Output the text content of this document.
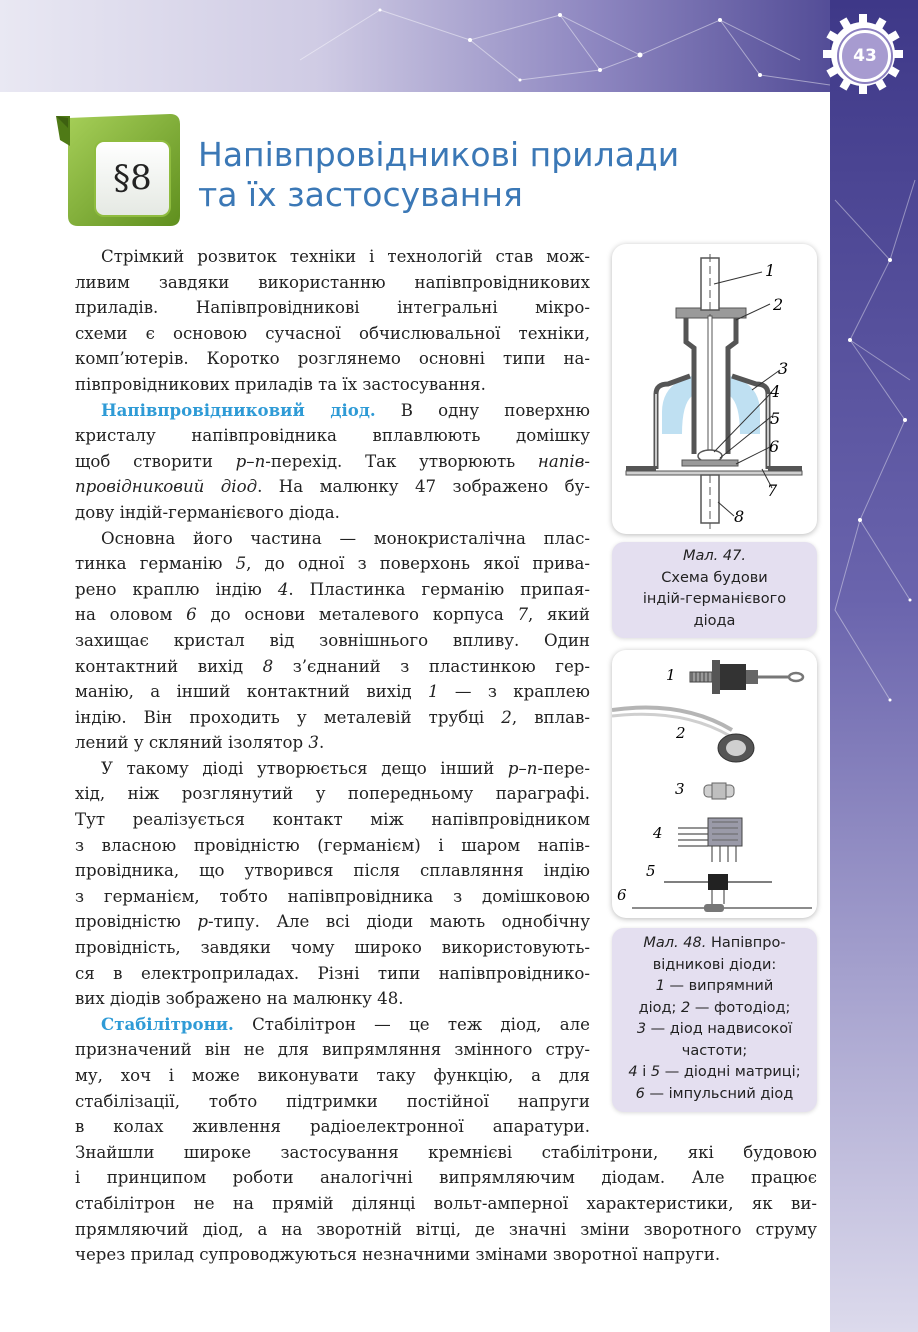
43
§8
Напівпровідникові прилади
та їх застосування

Стрімкий розвиток техніки і технологій став мож-

ливим завдяки використанню напівпровідникових

приладів. Напівпровідникові інтегральні мікро-

схеми є основою сучасної обчислювальної техніки,

комп’ютерів. Коротко розглянемо основні типи на-

півпровідникових приладів та їх застосування.

Напівпровідниковий діод. В одну поверхню

кристалу напівпровідника вплавлюють домішку

щоб створити p–n-перехід. Так утворюють напів-

провідниковий діод. На малюнку 47 зображено бу-

дову індій-германієвого діода.

Основна його частина — монокристалічна плас-

тинка германію 5, до одної з поверхонь якої прива-

рено краплю індію 4. Пластинка германію припая-

на оловом 6 до основи металевого корпуса 7, який

захищає кристал від зовнішнього впливу. Один

контактний вихід 8 з’єднаний з пластинкою гер-

манію, а інший контактний вихід 1 — з краплею

індію. Він проходить у металевій трубці 2, вплав-

лений у скляний ізолятор 3.

У такому діоді утворюється дещо інший p–n-пере-

хід, ніж розглянутий у попередньому параграфі.

Тут реалізується контакт між напівпровідником

з власною провідністю (германієм) і шаром напів-

провідника, що утворився після сплавляння індію

з германієм, тобто напівпровідника з домішковою

провідністю p-типу. Але всі діоди мають однобічну

провідність, завдяки чому широко використовують-

ся в електроприладах. Різні типи напівпровіднико-

вих діодів зображено на малюнку 48.

Стабілітрони. Стабілітрон — це теж діод, але

призначений він не для випрямляння змінного стру-

му, хоч і може виконувати таку функцію, а для

стабілізації, тобто підтримки постійної напруги

в колах живлення радіоелектронної апаратури.

Знайшли широке застосування кремнієві стабілітрони, які будовою

і принципом роботи аналогічні випрямляючим діодам. Але працює

стабілітрон не на прямій ділянці вольт-амперної характеристики, як ви-

прямляючий діод, а на зворотній вітці, де значні зміни зворотного струму

через прилад супроводжуються незначними змінами зворотної напруги.

1
2
3
4
5
6
7
8
Мал. 47.
Схема будови
індій-германієвого
діода
1
2
3
4
5
6
Мал. 48. Напівпро-
відникові діоди:
1 — випрямний
діод; 2 — фотодіод;
3 — діод надвисокої
частоти;
4 і 5 — діодні матриці;
6 — імпульсний діод
